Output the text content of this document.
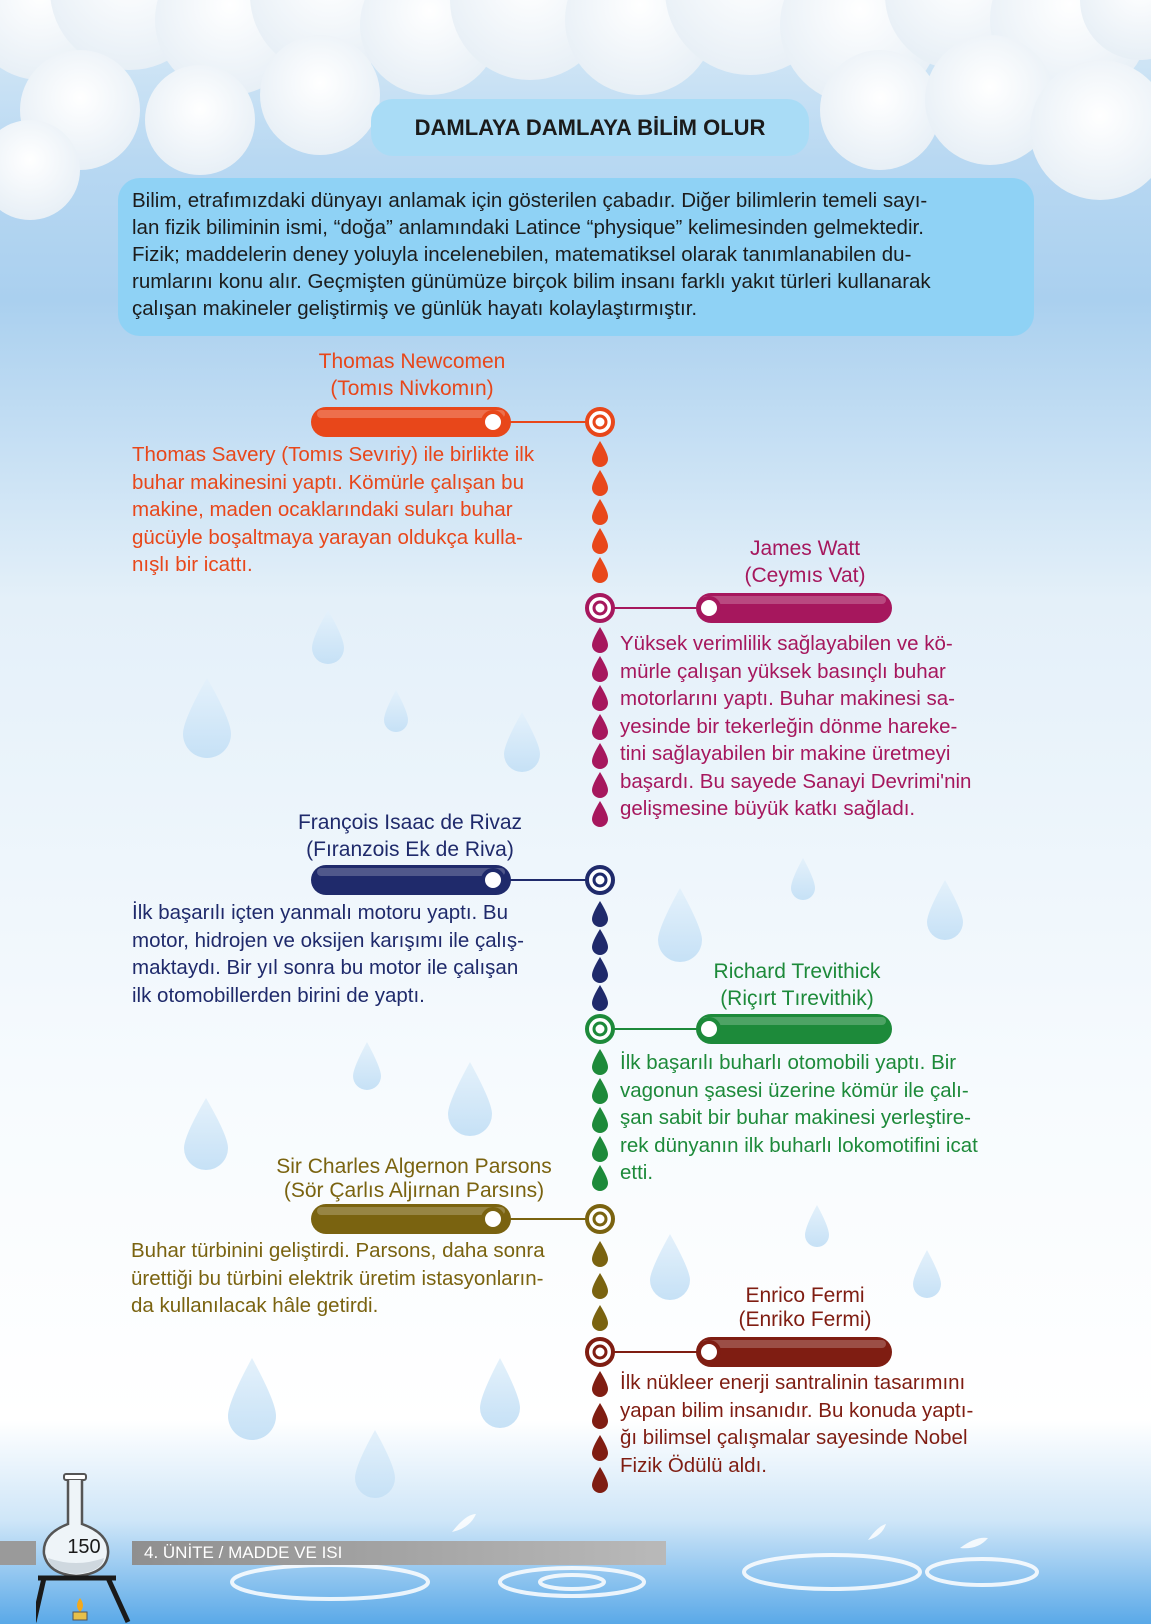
DAMLAYA DAMLAYA BİLİM OLUR
Bilim, etrafımızdaki dünyayı anlamak için gösterilen çabadır. Diğer bilimlerin temeli sayı-
lan fizik biliminin ismi, “doğa” anlamındaki Latince “physique” kelimesinden gelmektedir.
Fizik; maddelerin deney yoluyla incelenebilen, matematiksel olarak tanımlanabilen du-
rumlarını konu alır. Geçmişten günümüze birçok bilim insanı farklı yakıt türleri kullanarak
çalışan makineler geliştirmiş ve günlük hayatı kolaylaştırmıştır.
Thomas Newcomen
(Tomıs Nivkomın)
Thomas Savery (Tomıs Sevıriy) ile birlikte ilk
buhar makinesini yaptı. Kömürle çalışan bu
makine, maden ocaklarındaki suları buhar
gücüyle boşaltmaya yarayan oldukça kulla-
nışlı bir icattı.
James Watt
(Ceymıs Vat)
Yüksek verimlilik sağlayabilen ve kö-
mürle çalışan yüksek basınçlı buhar
motorlarını yaptı. Buhar makinesi sa-
yesinde bir tekerleğin dönme hareke-
tini sağlayabilen bir makine üretmeyi
başardı. Bu sayede Sanayi Devrimi'nin
gelişmesine büyük katkı sağladı.
François Isaac de Rivaz
(Fıranzois Ek de Riva)
İlk başarılı içten yanmalı motoru yaptı. Bu
motor, hidrojen ve oksijen karışımı ile çalış-
maktaydı. Bir yıl sonra bu motor ile çalışan
ilk otomobillerden birini de yaptı.
Richard Trevithick
(Riçırt Tırevithik)
İlk başarılı buharlı otomobili yaptı. Bir
vagonun şasesi üzerine kömür ile çalı-
şan sabit bir buhar makinesi yerleştire-
rek dünyanın ilk buharlı lokomotifini icat
etti.
Sir Charles Algernon Parsons
(Sör Çarlıs Aljırnan Parsıns)
Buhar türbinini geliştirdi. Parsons, daha sonra
ürettiği bu türbini elektrik üretim istasyonların-
da kullanılacak hâle getirdi.	Enrico Fermi
(Enriko Fermi)
İlk nükleer enerji santralinin tasarımını
yapan bilim insanıdır. Bu konuda yaptı-
ğı bilimsel çalışmalar sayesinde Nobel
Fizik Ödülü aldı.
4. ÜNİTE / MADDE VE ISI
150
